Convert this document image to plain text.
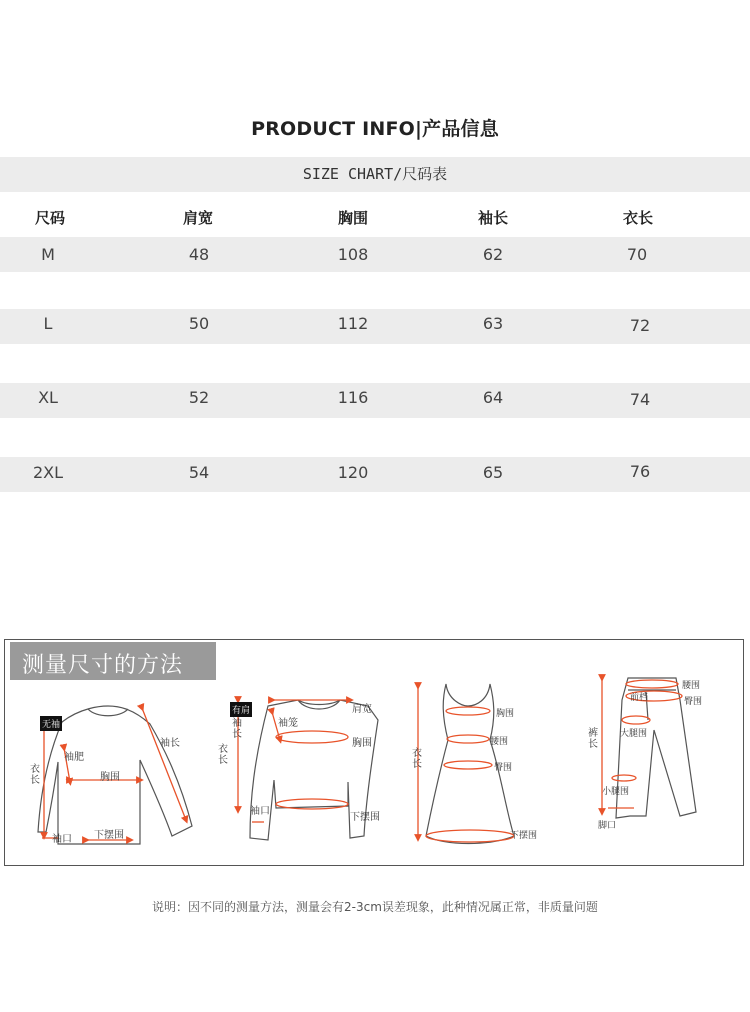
PRODUCT INFO|产品信息
SIZE CHART/尺码表
尺码	肩宽	胸围	袖长	衣长
M	48	108	62	70
L	50	112	63	72
XL	52	116	64	74
2XL	54	120	65	76
测量尺寸的方法
无袖
衣长
袖长
袖肥
胸围
袖口 下摆围
有肩
衣长
肩宽
袖笼
胸围
袖长
袖口
下摆围
衣长
胸围
腰围
臀围
下摆围
裤长
腰围
前档	臀围
大腿围
小腿围
脚口
说明：因不同的测量方法，测量会有2-3cm误差现象，此种情况属正常，非质量问题
